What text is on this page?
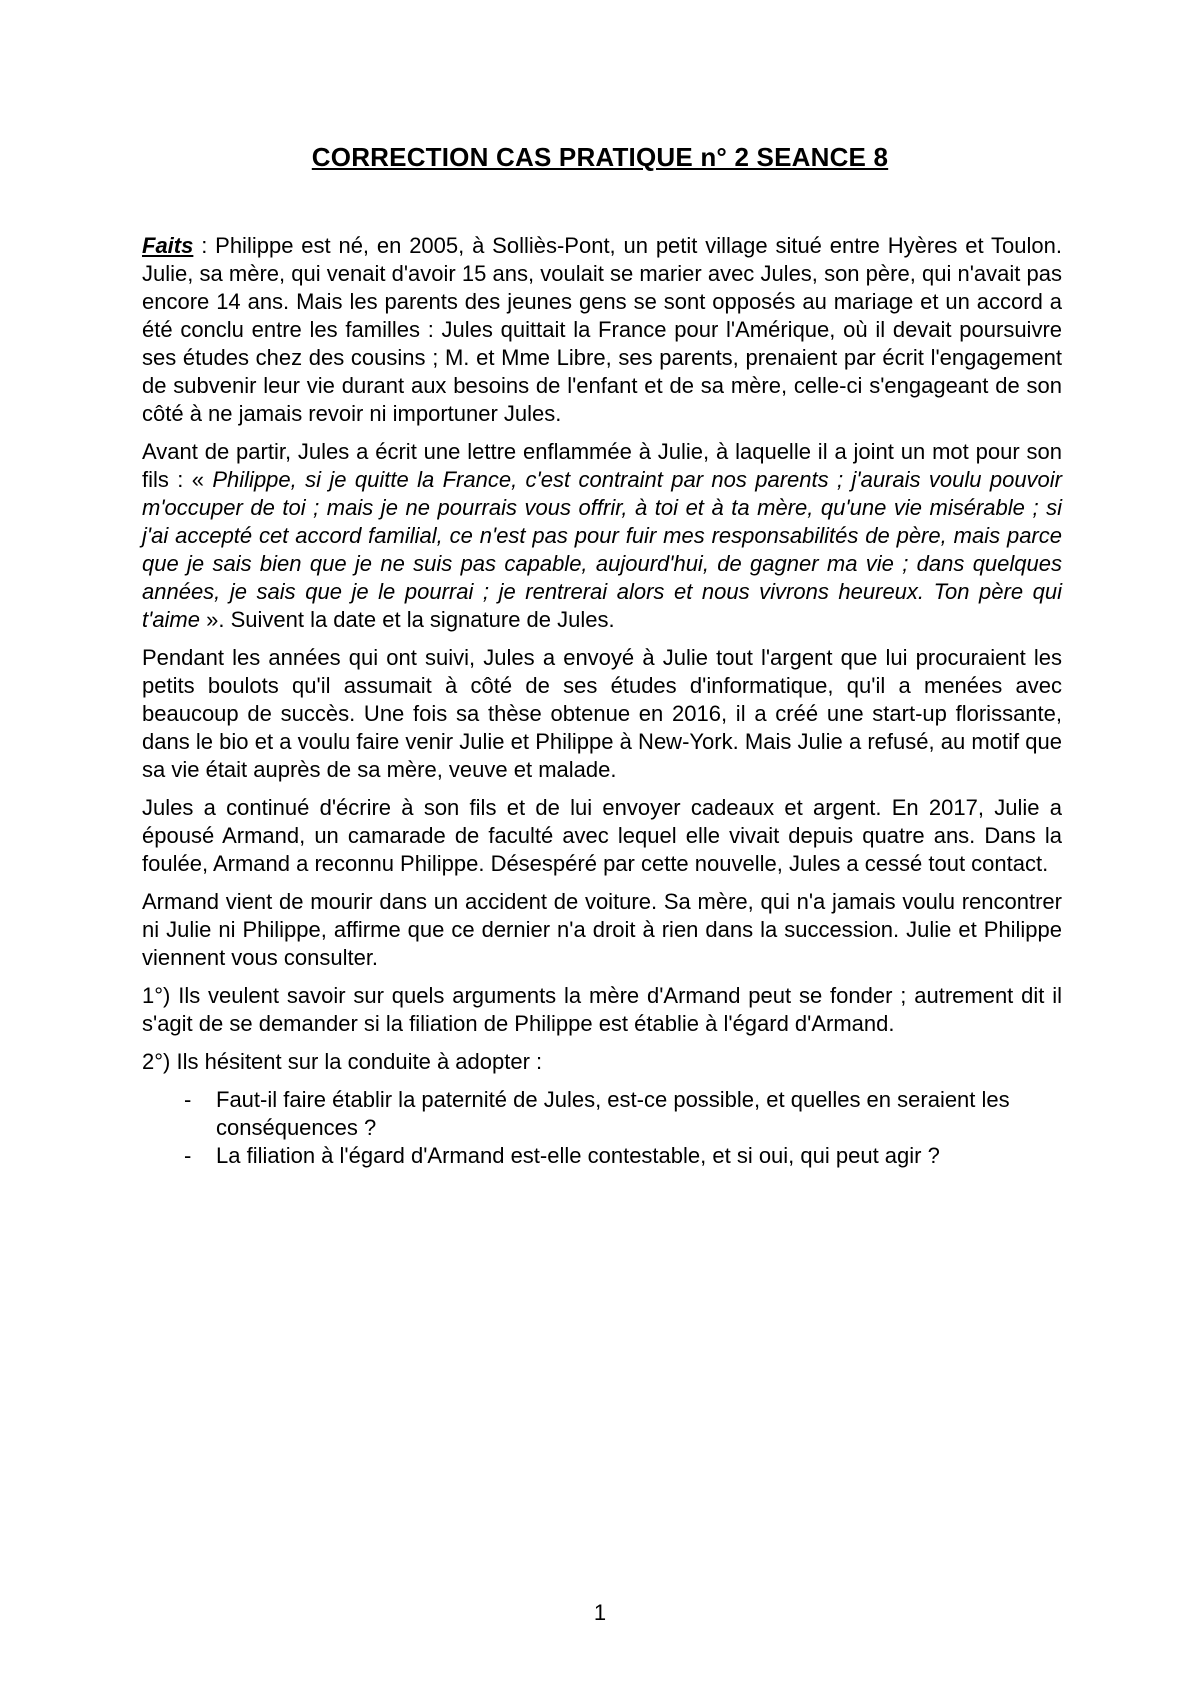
CORRECTION CAS PRATIQUE n° 2 SEANCE 8

Faits : Philippe est né, en 2005, à Solliès-Pont, un petit village situé entre Hyères et Toulon. Julie, sa mère, qui venait d'avoir 15 ans, voulait se marier avec Jules, son père, qui n'avait pas encore 14 ans. Mais les parents des jeunes gens se sont opposés au mariage et un accord a été conclu entre les familles : Jules quittait la France pour l'Amérique, où il devait poursuivre ses études chez des cousins ; M. et Mme Libre, ses parents, prenaient par écrit l'engagement de subvenir leur vie durant aux besoins de l'enfant et de sa mère, celle-ci s'engageant de son côté à ne jamais revoir ni importuner Jules.

Avant de partir, Jules a écrit une lettre enflammée à Julie, à laquelle il a joint un mot pour son fils : « Philippe, si je quitte la France, c'est contraint par nos parents ; j'aurais voulu pouvoir m'occuper de toi ; mais je ne pourrais vous offrir, à toi et à ta mère, qu'une vie misérable ; si j'ai accepté cet accord familial, ce n'est pas pour fuir mes responsabilités de père, mais parce que je sais bien que je ne suis pas capable, aujourd'hui, de gagner ma vie ; dans quelques années, je sais que je le pourrai ; je rentrerai alors et nous vivrons heureux. Ton père qui t'aime ». Suivent la date et la signature de Jules.

Pendant les années qui ont suivi, Jules a envoyé à Julie tout l'argent que lui procuraient les petits boulots qu'il assumait à côté de ses études d'informatique, qu'il a menées avec beaucoup de succès. Une fois sa thèse obtenue en 2016, il a créé une start-up florissante, dans le bio et a voulu faire venir Julie et Philippe à New-York. Mais Julie a refusé, au motif que sa vie était auprès de sa mère, veuve et malade.

Jules a continué d'écrire à son fils et de lui envoyer cadeaux et argent. En 2017, Julie a épousé Armand, un camarade de faculté avec lequel elle vivait depuis quatre ans. Dans la foulée, Armand a reconnu Philippe. Désespéré par cette nouvelle, Jules a cessé tout contact.

Armand vient de mourir dans un accident de voiture. Sa mère, qui n'a jamais voulu rencontrer ni Julie ni Philippe, affirme que ce dernier n'a droit à rien dans la succession. Julie et Philippe viennent vous consulter.

1°) Ils veulent savoir sur quels arguments la mère d'Armand peut se fonder ; autrement dit il s'agit de se demander si la filiation de Philippe est établie à l'égard d'Armand.

2°) Ils hésitent sur la conduite à adopter :

- Faut-il faire établir la paternité de Jules, est-ce possible, et quelles en seraient les conséquences ?
- La filiation à l'égard d'Armand est-elle contestable, et si oui, qui peut agir ?
1
